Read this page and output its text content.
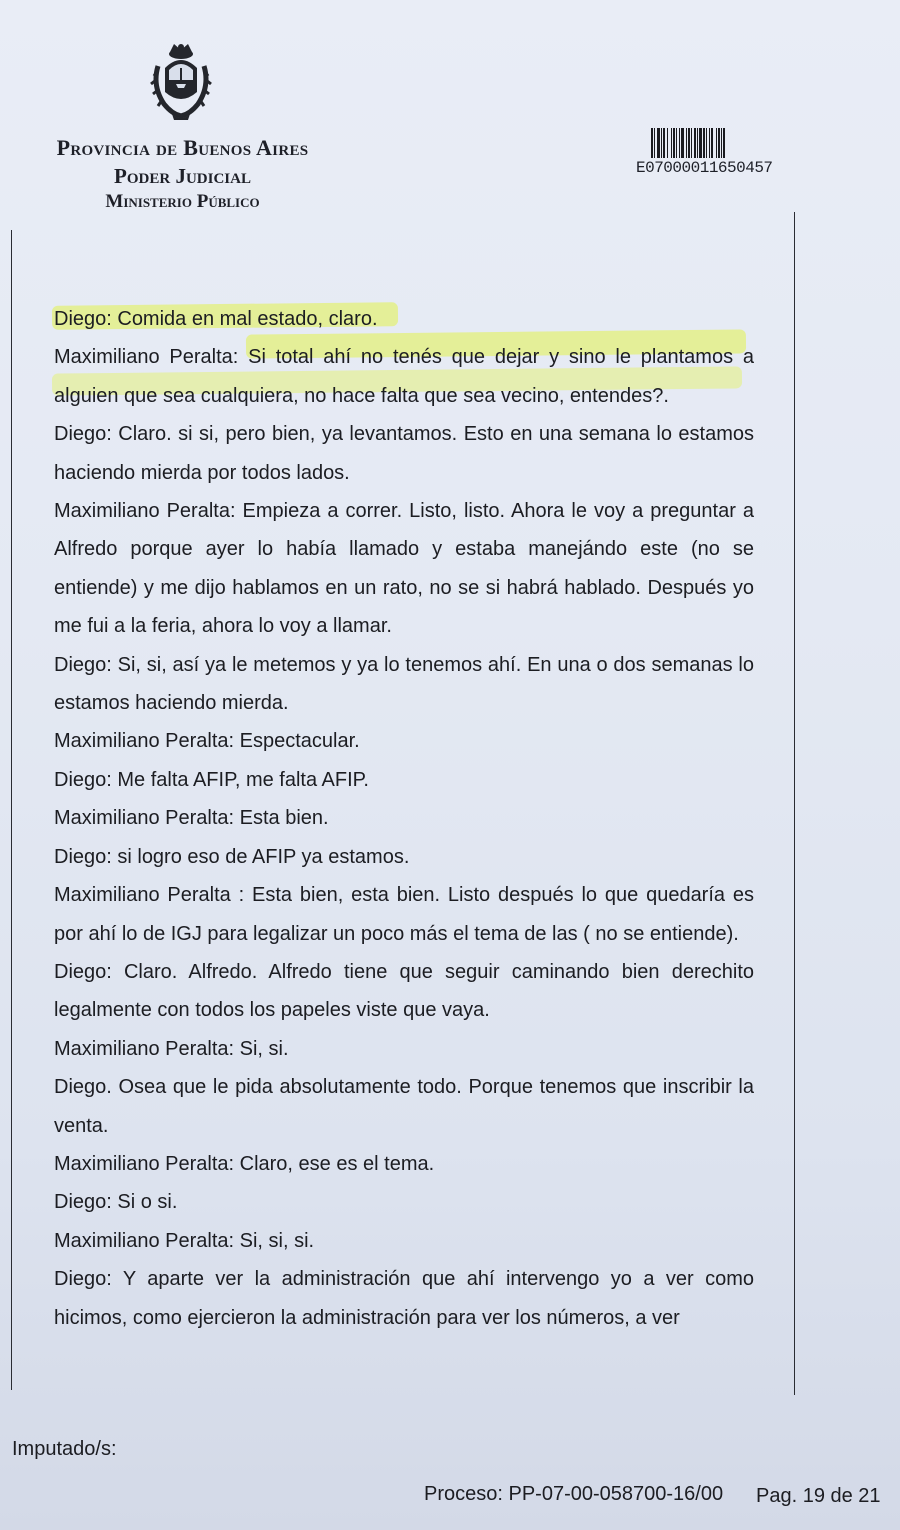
Provincia de Buenos Aires
Poder Judicial
Ministerio Público
E07000011650457

Diego: Comida en mal estado, claro.

Maximiliano Peralta: Si total ahí no tenés que dejar y sino le plantamos a alguien que sea cualquiera, no hace falta que sea vecino, entendes?.

Diego: Claro. si si, pero bien, ya levantamos. Esto en una semana lo estamos haciendo mierda por todos lados.

Maximiliano Peralta: Empieza a correr. Listo, listo. Ahora le voy a preguntar a Alfredo porque ayer lo había llamado y estaba manejándo este (no se entiende) y me dijo hablamos en un rato, no se si habrá hablado. Después yo me fui a la feria, ahora lo voy a llamar.

Diego: Si, si, así ya le metemos y ya lo tenemos ahí. En una o dos semanas lo estamos haciendo mierda.

Maximiliano Peralta: Espectacular.

Diego: Me falta AFIP, me falta AFIP.

Maximiliano Peralta: Esta bien.

Diego: si logro eso de AFIP ya estamos.

Maximiliano Peralta : Esta bien, esta bien. Listo después lo que quedaría es por ahí lo de IGJ para legalizar un poco más el tema de las ( no se entiende).

Diego: Claro. Alfredo. Alfredo tiene que seguir caminando bien derechito legalmente con todos los papeles viste que vaya.

Maximiliano Peralta: Si, si.

Diego. Osea que le pida absolutamente todo. Porque tenemos que inscribir la venta.

Maximiliano Peralta: Claro, ese es el tema.

Diego: Si o si.

Maximiliano Peralta: Si, si, si.

Diego: Y aparte ver la administración que ahí intervengo yo a ver como hicimos, como ejercieron la administración para ver los números, a ver

Imputado/s:
Proceso: PP-07-00-058700-16/00 Pag. 19 de 21
